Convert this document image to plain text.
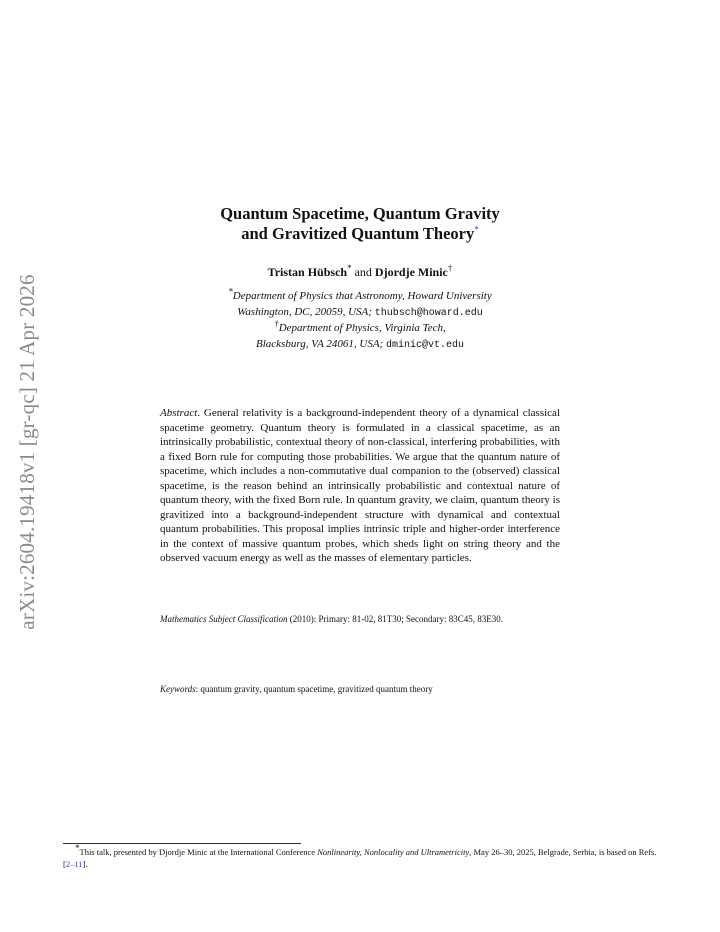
arXiv:2604.19418v1 [gr-qc] 21 Apr 2026
Quantum Spacetime, Quantum Gravity
and Gravitized Quantum Theory*
Tristan Hübsch* and Djordje Minic†
*Department of Physics that Astronomy, Howard University
Washington, DC, 20059, USA; thubsch@howard.edu
†Department of Physics, Virginia Tech,
Blacksburg, VA 24061, USA; dminic@vt.edu
Abstract. General relativity is a background-independent theory of a dynamical classical spacetime geometry. Quantum theory is formulated in a classical spacetime, as an intrinsically probabilistic, contextual theory of non-classical, interfering probabilities, with a fixed Born rule for computing those probabilities. We argue that the quantum nature of spacetime, which includes a non-commutative dual companion to the (observed) classical spacetime, is the reason behind an intrinsically probabilistic and contextual nature of quantum theory, with the fixed Born rule. In quantum gravity, we claim, quantum theory is gravitized into a background-independent structure with dynamical and contextual quantum probabilities. This proposal implies intrinsic triple and higher-order interference in the context of massive quantum probes, which sheds light on string theory and the observed vacuum energy as well as the masses of elementary particles.
Mathematics Subject Classification (2010): Primary: 81-02, 81T30; Secondary: 83C45, 83E30.
Keywords: quantum gravity, quantum spacetime, gravitized quantum theory
*This talk, presented by Djordje Minic at the International Conference Nonlinearity, Nonlocality and Ultrametricity, May 26–30, 2025, Belgrade, Serbia, is based on Refs. [2–11].
